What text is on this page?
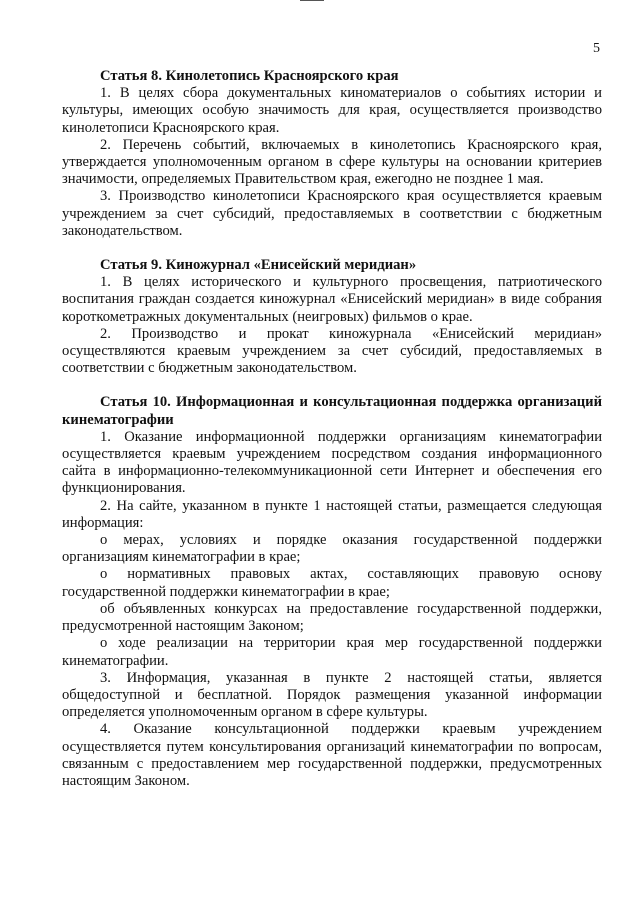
5

Статья 8. Кинолетопись Красноярского края

1. В целях сбора документальных киноматериалов о событиях истории и культуры, имеющих особую значимость для края, осуществляется производство кинолетописи Красноярского края.

2. Перечень событий, включаемых в кинолетопись Красноярского края, утверждается уполномоченным органом в сфере культуры на основании критериев значимости, определяемых Правительством края, ежегодно не позднее 1 мая.

3. Производство кинолетописи Красноярского края осуществляется краевым учреждением за счет субсидий, предоставляемых в соответствии с бюджетным законодательством.

Статья 9. Киножурнал «Енисейский меридиан»

1. В целях исторического и культурного просвещения, патриотического воспитания граждан создается киножурнал «Енисейский меридиан» в виде собрания короткометражных документальных (неигровых) фильмов о крае.

2. Производство и прокат киножурнала «Енисейский меридиан» осуществляются краевым учреждением за счет субсидий, предоставляемых в соответствии с бюджетным законодательством.

Статья 10. Информационная и консультационная поддержка организаций кинематографии

1. Оказание информационной поддержки организациям кинематографии осуществляется краевым учреждением посредством создания информационного сайта в информационно-телекоммуникационной сети Интернет и обеспечения его функционирования.

2. На сайте, указанном в пункте 1 настоящей статьи, размещается следующая информация:

о мерах, условиях и порядке оказания государственной поддержки организациям кинематографии в крае;

о нормативных правовых актах, составляющих правовую основу государственной поддержки кинематографии в крае;

об объявленных конкурсах на предоставление государственной поддержки, предусмотренной настоящим Законом;

о ходе реализации на территории края мер государственной поддержки кинематографии.

3. Информация, указанная в пункте 2 настоящей статьи, является общедоступной и бесплатной. Порядок размещения указанной информации определяется уполномоченным органом в сфере культуры.

4. Оказание консультационной поддержки краевым учреждением осуществляется путем консультирования организаций кинематографии по вопросам, связанным с предоставлением мер государственной поддержки, предусмотренных настоящим Законом.
